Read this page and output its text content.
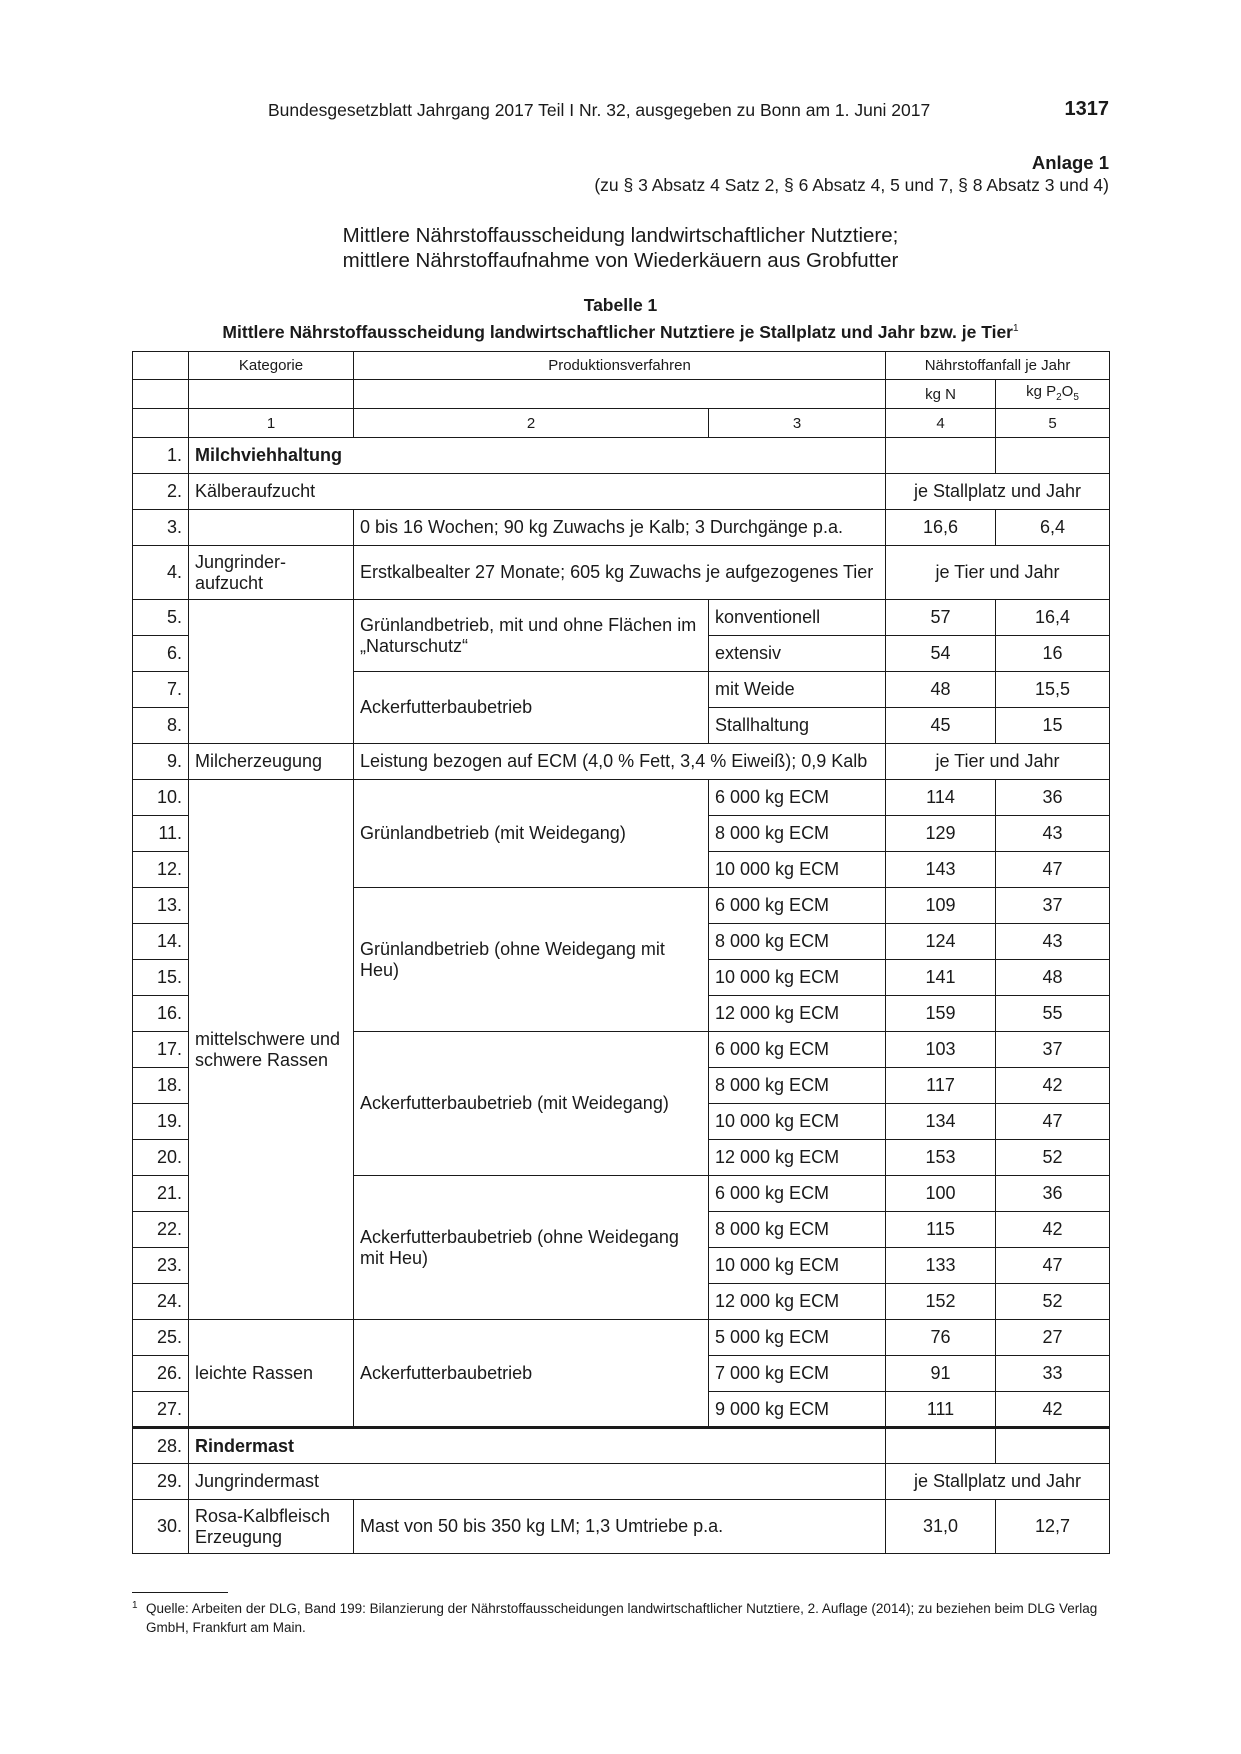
Bundesgesetzblatt Jahrgang 2017 Teil I Nr. 32, ausgegeben zu Bonn am 1. Juni 2017	1317
Anlage 1
(zu § 3 Absatz 4 Satz 2, § 6 Absatz 4, 5 und 7, § 8 Absatz 3 und 4)
Mittlere Nährstoffausscheidung landwirtschaftlicher Nutztiere;
mittlere Nährstoffaufnahme von Wiederkäuern aus Grobfutter
Tabelle 1
Mittlere Nährstoffausscheidung landwirtschaftlicher Nutztiere je Stallplatz und Jahr bzw. je Tier$^1$
	Kategorie	Produktionsverfahren		Nährstoffanfall je Jahr	
				kg N	kg $P_2O_5$
	1	2	3	4	5
1.	Milchviehhaltung				
2.	Kälberaufzucht			je Stallplatz und Jahr	
3.		0 bis 16 Wochen; 90 kg Zuwachs je Kalb; 3 Durchgänge p.a.		16,6	6,4
4.	Jungrinder-aufzucht	Erstkalbealter 27 Monate; 605 kg Zuwachs je aufgezogenes Tier		je Tier und Jahr	
5.		Grünlandbetrieb, mit und ohne Flächen im „Naturschutz“	konventionell	57	16,4
6.			extensiv	54	16
7.		Ackerfutterbaubetrieb	mit Weide	48	15,5
8.			Stallhaltung	45	15
9.	Milcherzeugung	Leistung bezogen auf ECM (4,0 % Fett, 3,4 % Eiweiß); 0,9 Kalb		je Tier und Jahr	
10.	mittelschwere und schwere Rassen	Grünlandbetrieb (mit Weidegang)	6 000 kg ECM	114	36
11.			8 000 kg ECM	129	43
12.			10 000 kg ECM	143	47
13.		Grünlandbetrieb (ohne Weidegang mit Heu)	6 000 kg ECM	109	37
14.			8 000 kg ECM	124	43
15.			10 000 kg ECM	141	48
16.			12 000 kg ECM	159	55
17.		Ackerfutterbaubetrieb (mit Weidegang)	6 000 kg ECM	103	37
18.			8 000 kg ECM	117	42
19.			10 000 kg ECM	134	47
20.			12 000 kg ECM	153	52
21.		Ackerfutterbaubetrieb (ohne Weidegang mit Heu)	6 000 kg ECM	100	36
22.			8 000 kg ECM	115	42
23.			10 000 kg ECM	133	47
24.			12 000 kg ECM	152	52
25.	leichte Rassen	Ackerfutterbaubetrieb	5 000 kg ECM	76	27
26.			7 000 kg ECM	91	33
27.			9 000 kg ECM	111	42
28.	Rindermast				
29.	Jungrindermast			je Stallplatz und Jahr	
30.	Rosa-Kalbfleisch Erzeugung	Mast von 50 bis 350 kg LM; 1,3 Umtriebe p.a.		31,0	12,7
1 Quelle: Arbeiten der DLG, Band 199: Bilanzierung der Nährstoffausscheidungen landwirtschaftlicher Nutztiere, 2. Auflage (2014); zu beziehen beim DLG Verlag GmbH, Frankfurt am Main.
